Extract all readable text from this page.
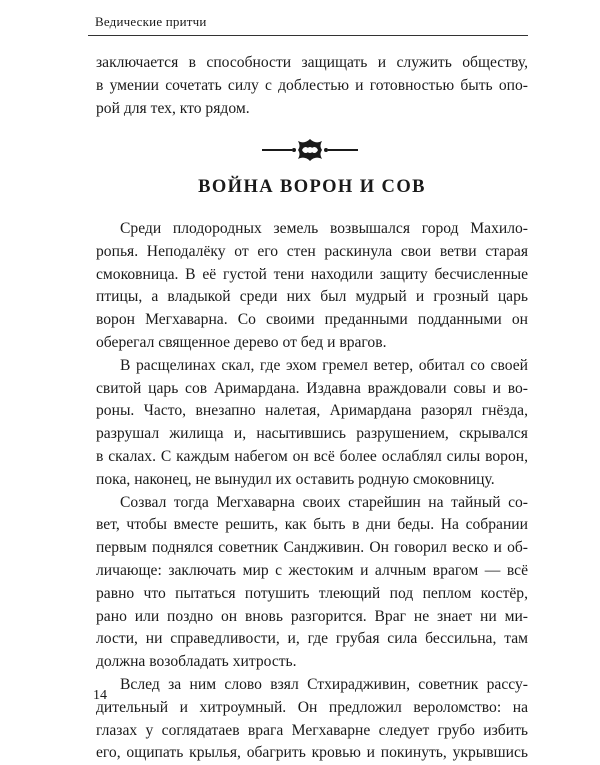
Ведические притчи

заключается в способности защищать и служить обществу,
в умении сочетать силу с доблестью и готовностью быть опо-
рой для тех, кто рядом.

ВОЙНА ВОРОН И СОВ

Среди плодородных земель возвышался город Махило-
ропья. Неподалёку от его стен раскинула свои ветви старая
смоковница. В её густой тени находили защиту бесчисленные
птицы, а владыкой среди них был мудрый и грозный царь
ворон Мегхаварна. Со своими преданными подданными он
оберегал священное дерево от бед и врагов.

В расщелинах скал, где эхом гремел ветер, обитал со своей
свитой царь сов Аримардана. Издавна враждовали совы и во-
роны. Часто, внезапно налетая, Аримардана разорял гнёзда,
разрушал жилища и, насытившись разрушением, скрывался
в скалах. С каждым набегом он всё более ослаблял силы ворон,
пока, наконец, не вынудил их оставить родную смоковницу.

Созвал тогда Мегхаварна своих старейшин на тайный со-
вет, чтобы вместе решить, как быть в дни беды. На собрании
первым поднялся советник Сандживин. Он говорил веско и об-
личающе: заключать мир с жестоким и алчным врагом — всё
равно что пытаться потушить тлеющий под пеплом костёр,
рано или поздно он вновь разгорится. Враг не знает ни ми-
лости, ни справедливости, и, где грубая сила бессильна, там
должна возобладать хитрость.

Вслед за ним слово взял Стхирадживин, советник рассу-
дительный и хитроумный. Он предложил вероломство: на
глазах у соглядатаев врага Мегхаварне следует грубо избить
его, ощипать крылья, обагрить кровью и покинуть, укрывшись

14
